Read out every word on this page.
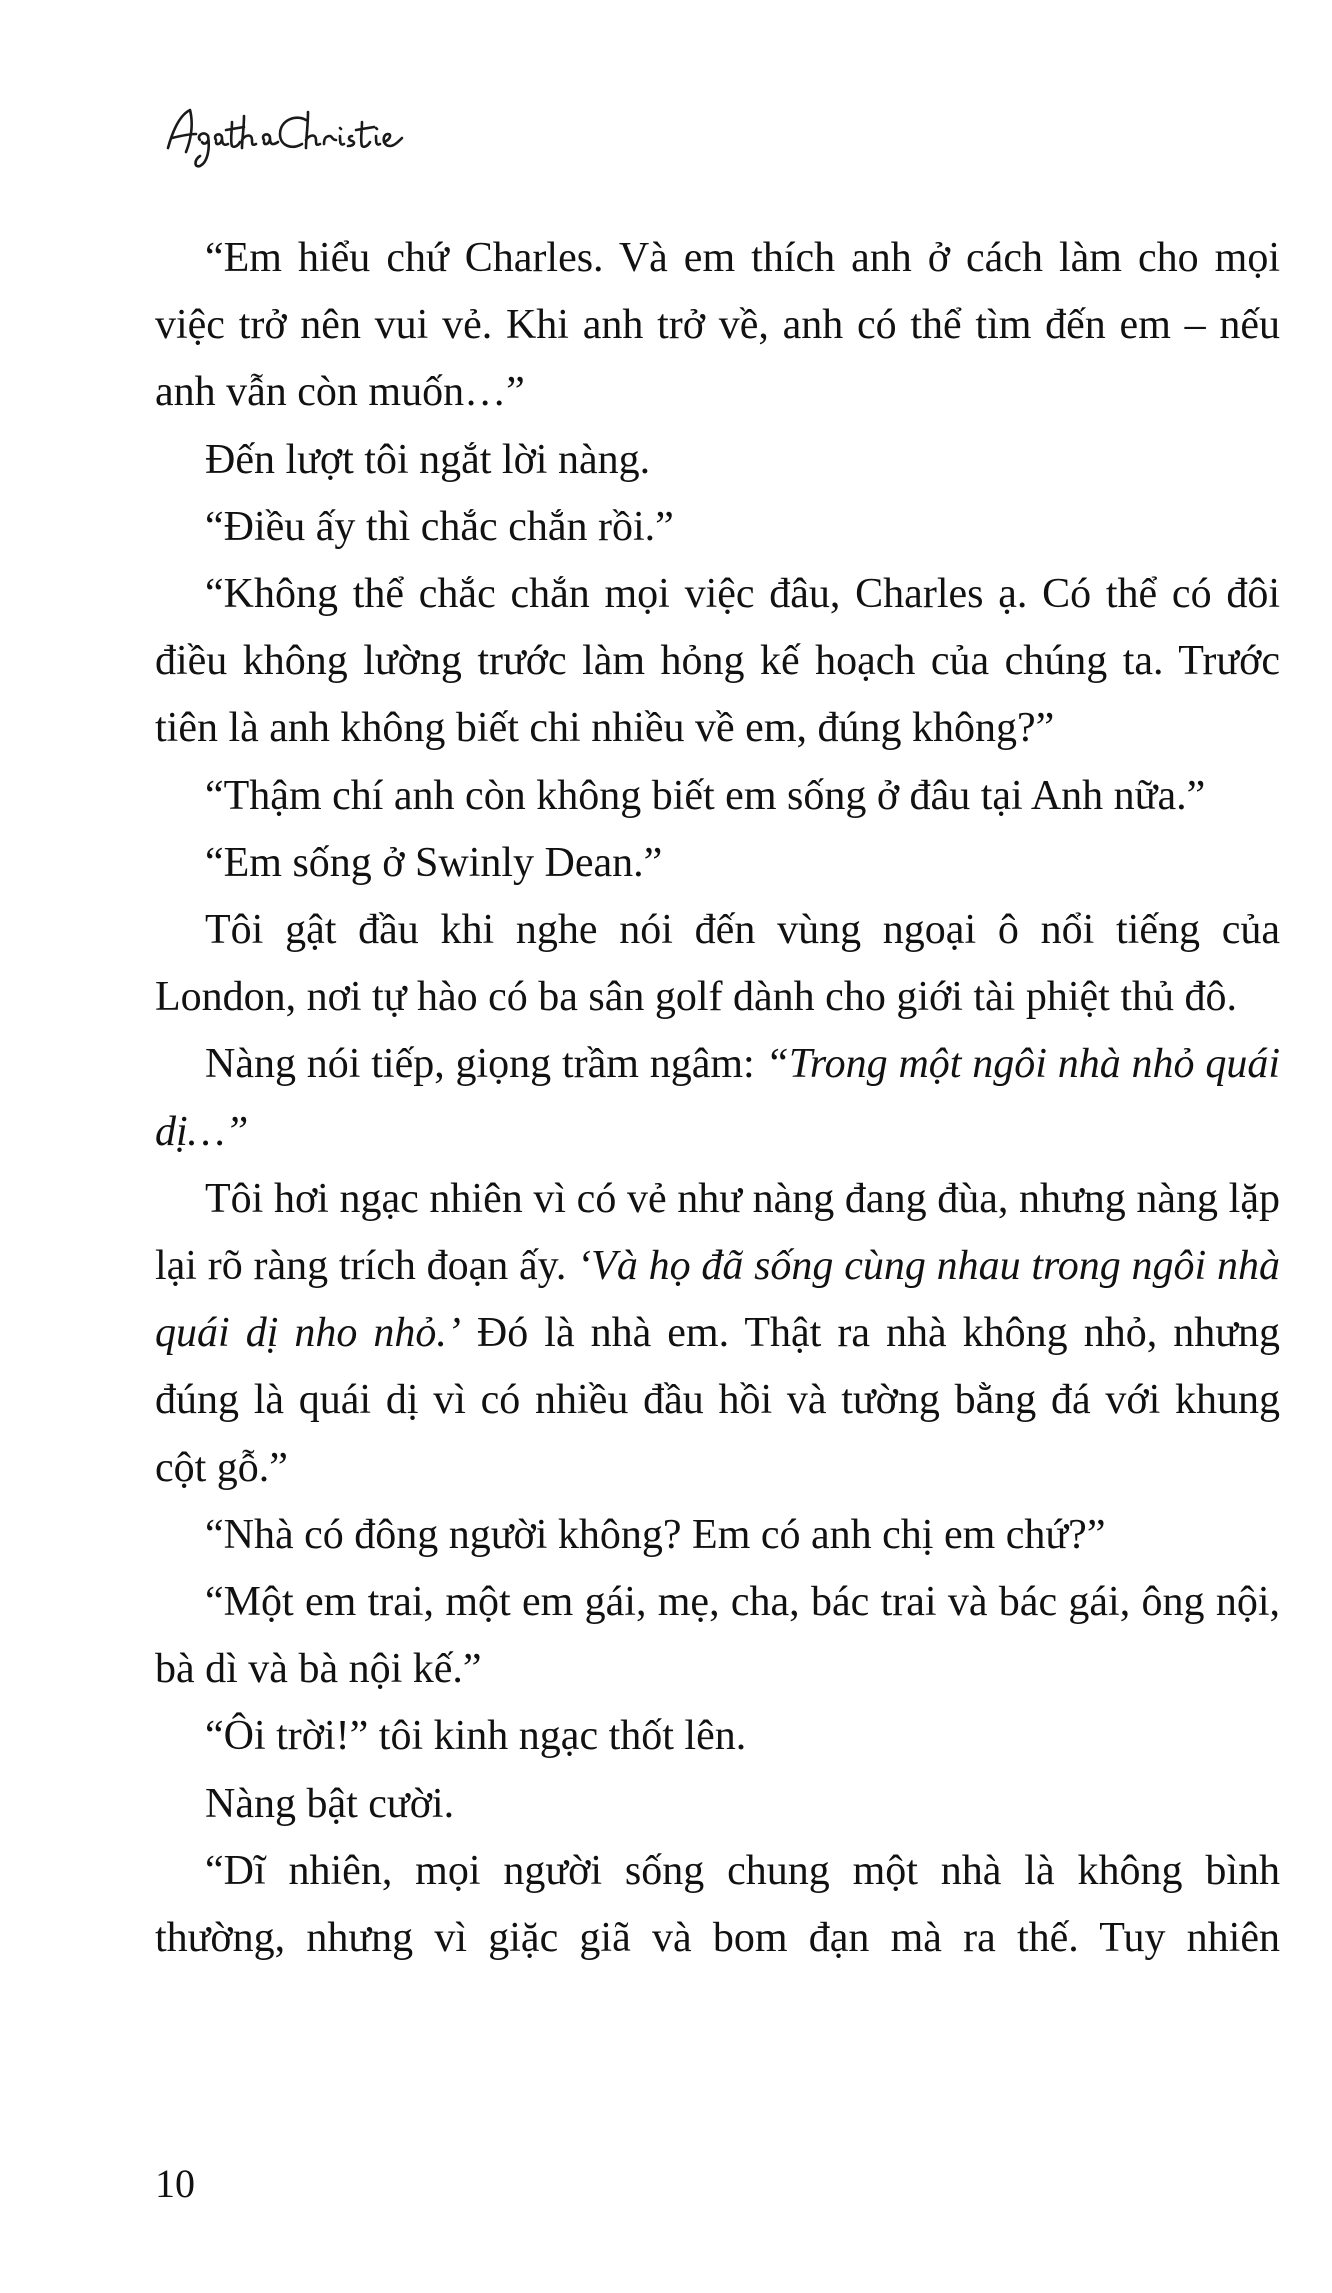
“Em hiểu chứ Charles. Và em thích anh ở cách làm cho mọi việc trở nên vui vẻ. Khi anh trở về, anh có thể tìm đến em – nếu anh vẫn còn muốn…”

Đến lượt tôi ngắt lời nàng.

“Điều ấy thì chắc chắn rồi.”

“Không thể chắc chắn mọi việc đâu, Charles ạ. Có thể có đôi điều không lường trước làm hỏng kế hoạch của chúng ta. Trước tiên là anh không biết chi nhiều về em, đúng không?”

“Thậm chí anh còn không biết em sống ở đâu tại Anh nữa.”

“Em sống ở Swinly Dean.”

Tôi gật đầu khi nghe nói đến vùng ngoại ô nổi tiếng của London, nơi tự hào có ba sân golf dành cho giới tài phiệt thủ đô.

Nàng nói tiếp, giọng trầm ngâm: “Trong một ngôi nhà nhỏ quái dị…”

Tôi hơi ngạc nhiên vì có vẻ như nàng đang đùa, nhưng nàng lặp lại rõ ràng trích đoạn ấy. ‘Và họ đã sống cùng nhau trong ngôi nhà quái dị nho nhỏ.’ Đó là nhà em. Thật ra nhà không nhỏ, nhưng đúng là quái dị vì có nhiều đầu hồi và tường bằng đá với khung cột gỗ.”

“Nhà có đông người không? Em có anh chị em chứ?”

“Một em trai, một em gái, mẹ, cha, bác trai và bác gái, ông nội, bà dì và bà nội kế.”

“Ôi trời!” tôi kinh ngạc thốt lên.

Nàng bật cười.

“Dĩ nhiên, mọi người sống chung một nhà là không bình thường, nhưng vì giặc giã và bom đạn mà ra thế. Tuy nhiên

10
